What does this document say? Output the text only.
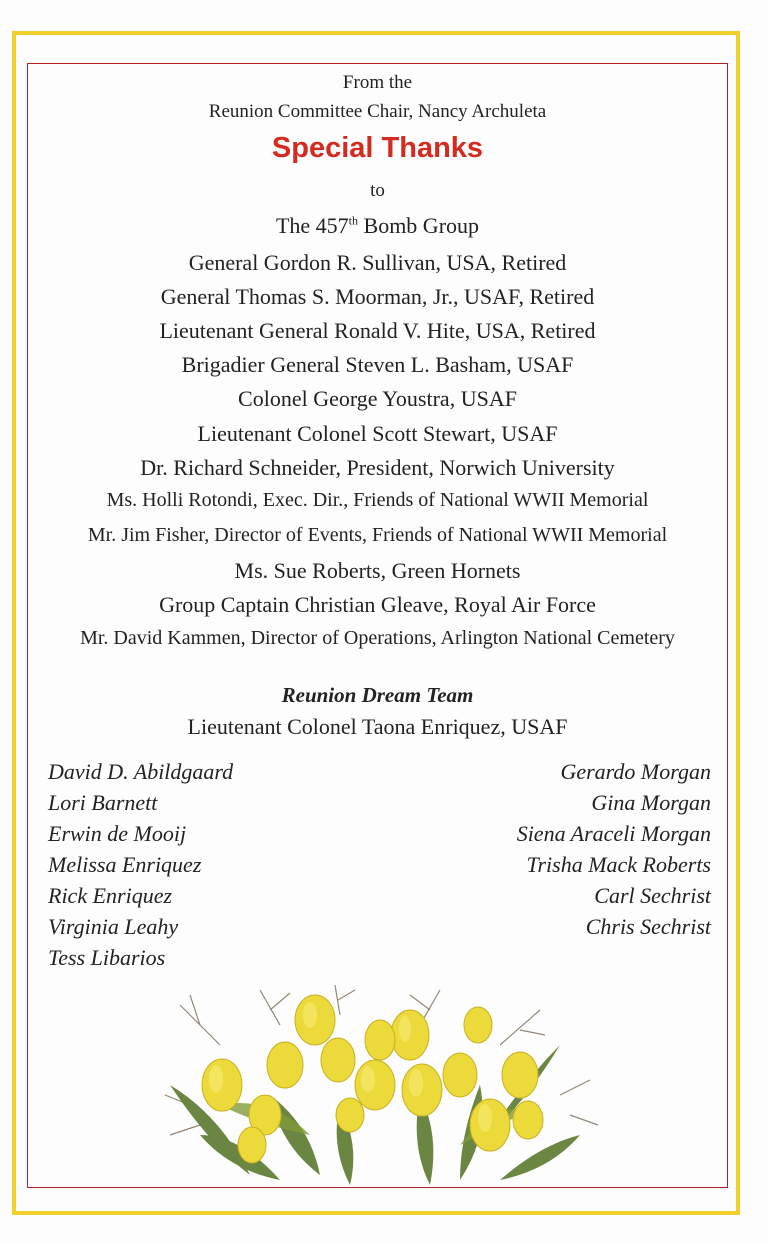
From the
Reunion Committee Chair, Nancy Archuleta
Special Thanks
to
The 457th Bomb Group
General Gordon R. Sullivan, USA, Retired
General Thomas S. Moorman, Jr., USAF, Retired
Lieutenant General Ronald V. Hite, USA, Retired
Brigadier General Steven L. Basham, USAF
Colonel George Youstra, USAF
Lieutenant Colonel Scott Stewart, USAF
Dr. Richard Schneider, President, Norwich University
Ms. Holli Rotondi, Exec. Dir., Friends of National WWII Memorial
Mr. Jim Fisher, Director of Events, Friends of National WWII Memorial
Ms. Sue Roberts, Green Hornets
Group Captain Christian Gleave, Royal Air Force
Mr. David Kammen, Director of Operations, Arlington National Cemetery
Reunion Dream Team
Lieutenant Colonel Taona Enriquez, USAF
David D. Abildgaard
Lori Barnett
Erwin de Mooij
Melissa Enriquez
Rick Enriquez
Virginia Leahy
Tess Libarios
Gerardo Morgan
Gina Morgan
Siena Araceli Morgan
Trisha Mack Roberts
Carl Sechrist
Chris Sechrist
